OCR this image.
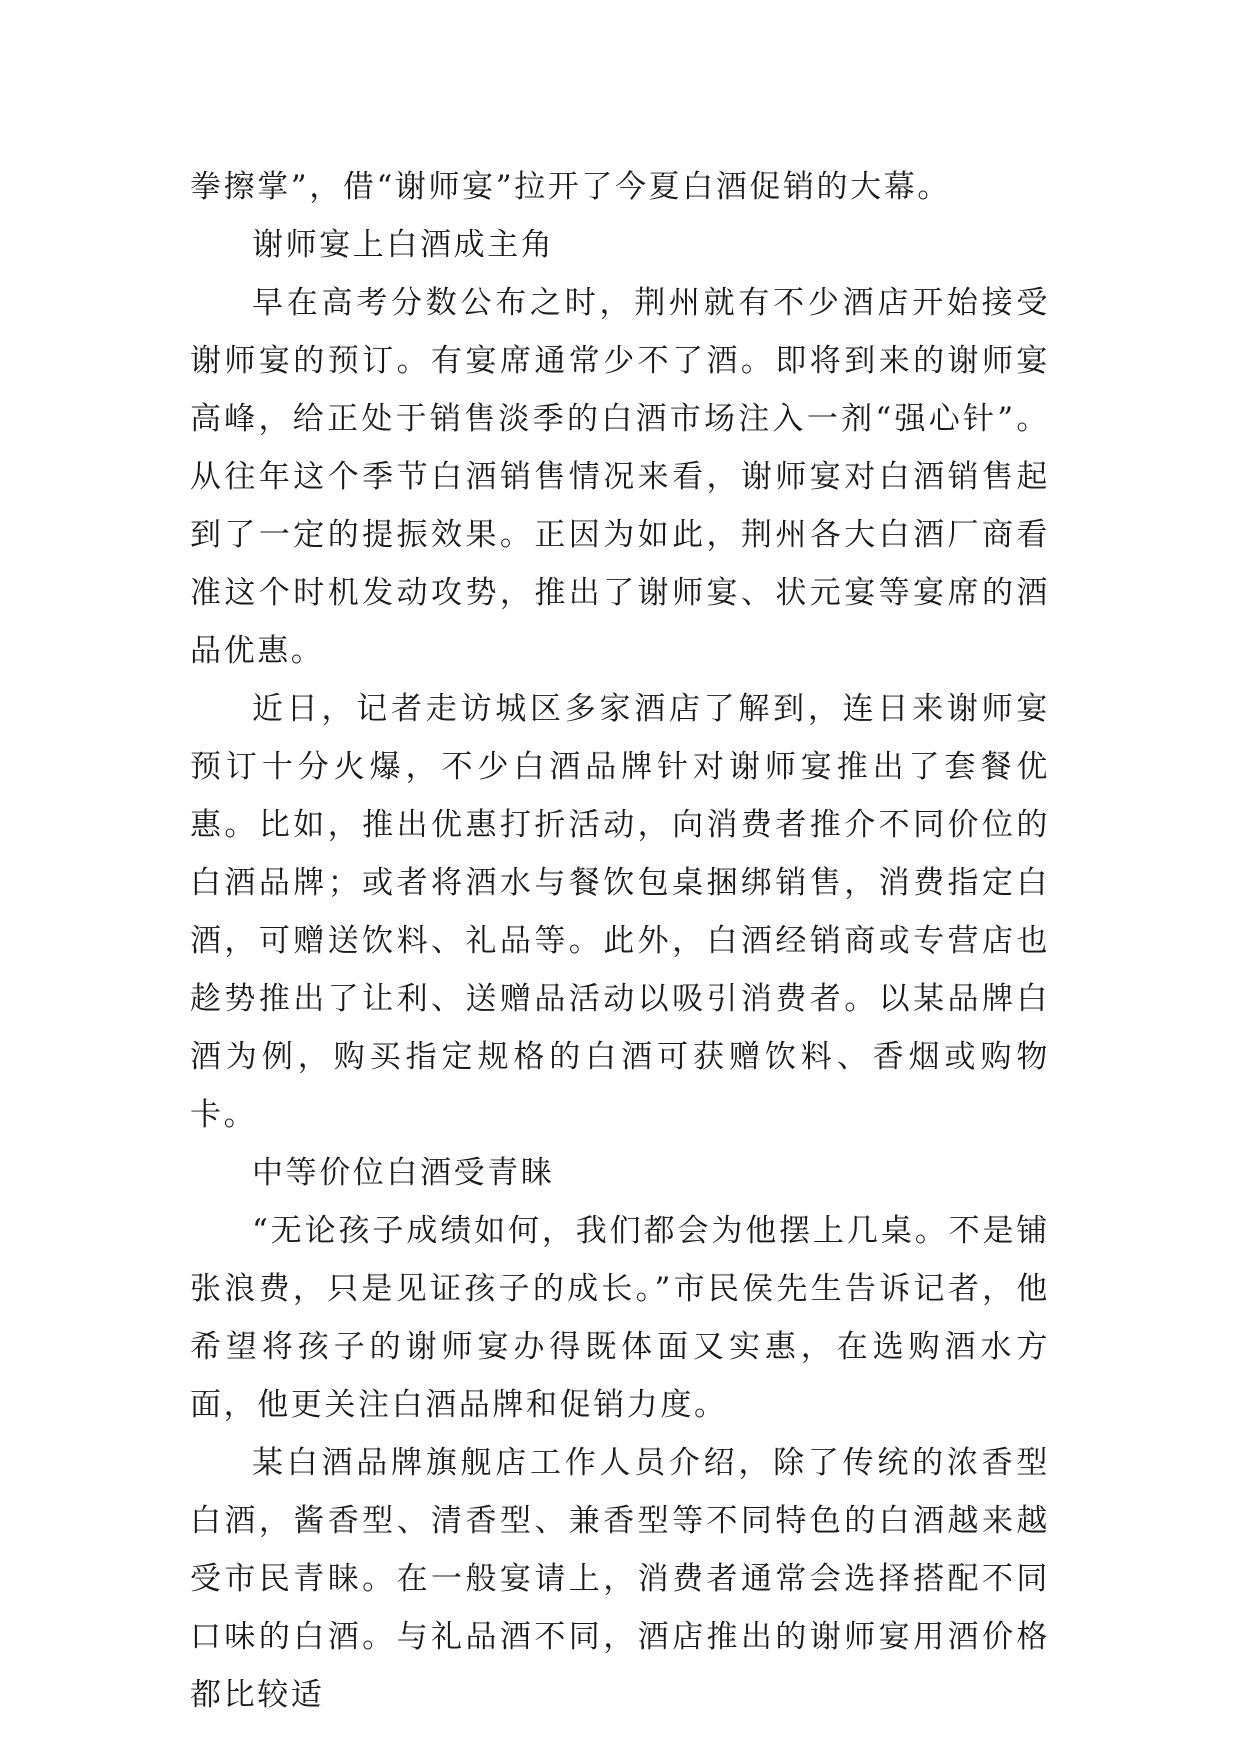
拳擦掌”，借“谢师宴”拉开了今夏白酒促销的大幕。

谢师宴上白酒成主角

早在高考分数公布之时，荆州就有不少酒店开始接受谢师宴的预订。有宴席通常少不了酒。即将到来的谢师宴高峰，给正处于销售淡季的白酒市场注入一剂“强心针”。从往年这个季节白酒销售情况来看，谢师宴对白酒销售起到了一定的提振效果。正因为如此，荆州各大白酒厂商看准这个时机发动攻势，推出了谢师宴、状元宴等宴席的酒品优惠。

近日，记者走访城区多家酒店了解到，连日来谢师宴预订十分火爆，不少白酒品牌针对谢师宴推出了套餐优惠。比如，推出优惠打折活动，向消费者推介不同价位的白酒品牌；或者将酒水与餐饮包桌捆绑销售，消费指定白酒，可赠送饮料、礼品等。此外，白酒经销商或专营店也趁势推出了让利、送赠品活动以吸引消费者。以某品牌白酒为例，购买指定规格的白酒可获赠饮料、香烟或购物卡。

中等价位白酒受青睐

“无论孩子成绩如何，我们都会为他摆上几桌。不是铺张浪费，只是见证孩子的成长。”市民侯先生告诉记者，他希望将孩子的谢师宴办得既体面又实惠，在选购酒水方面，他更关注白酒品牌和促销力度。

某白酒品牌旗舰店工作人员介绍，除了传统的浓香型白酒，酱香型、清香型、兼香型等不同特色的白酒越来越受市民青睐。在一般宴请上，消费者通常会选择搭配不同口味的白酒。与礼品酒不同，酒店推出的谢师宴用酒价格都比较适
